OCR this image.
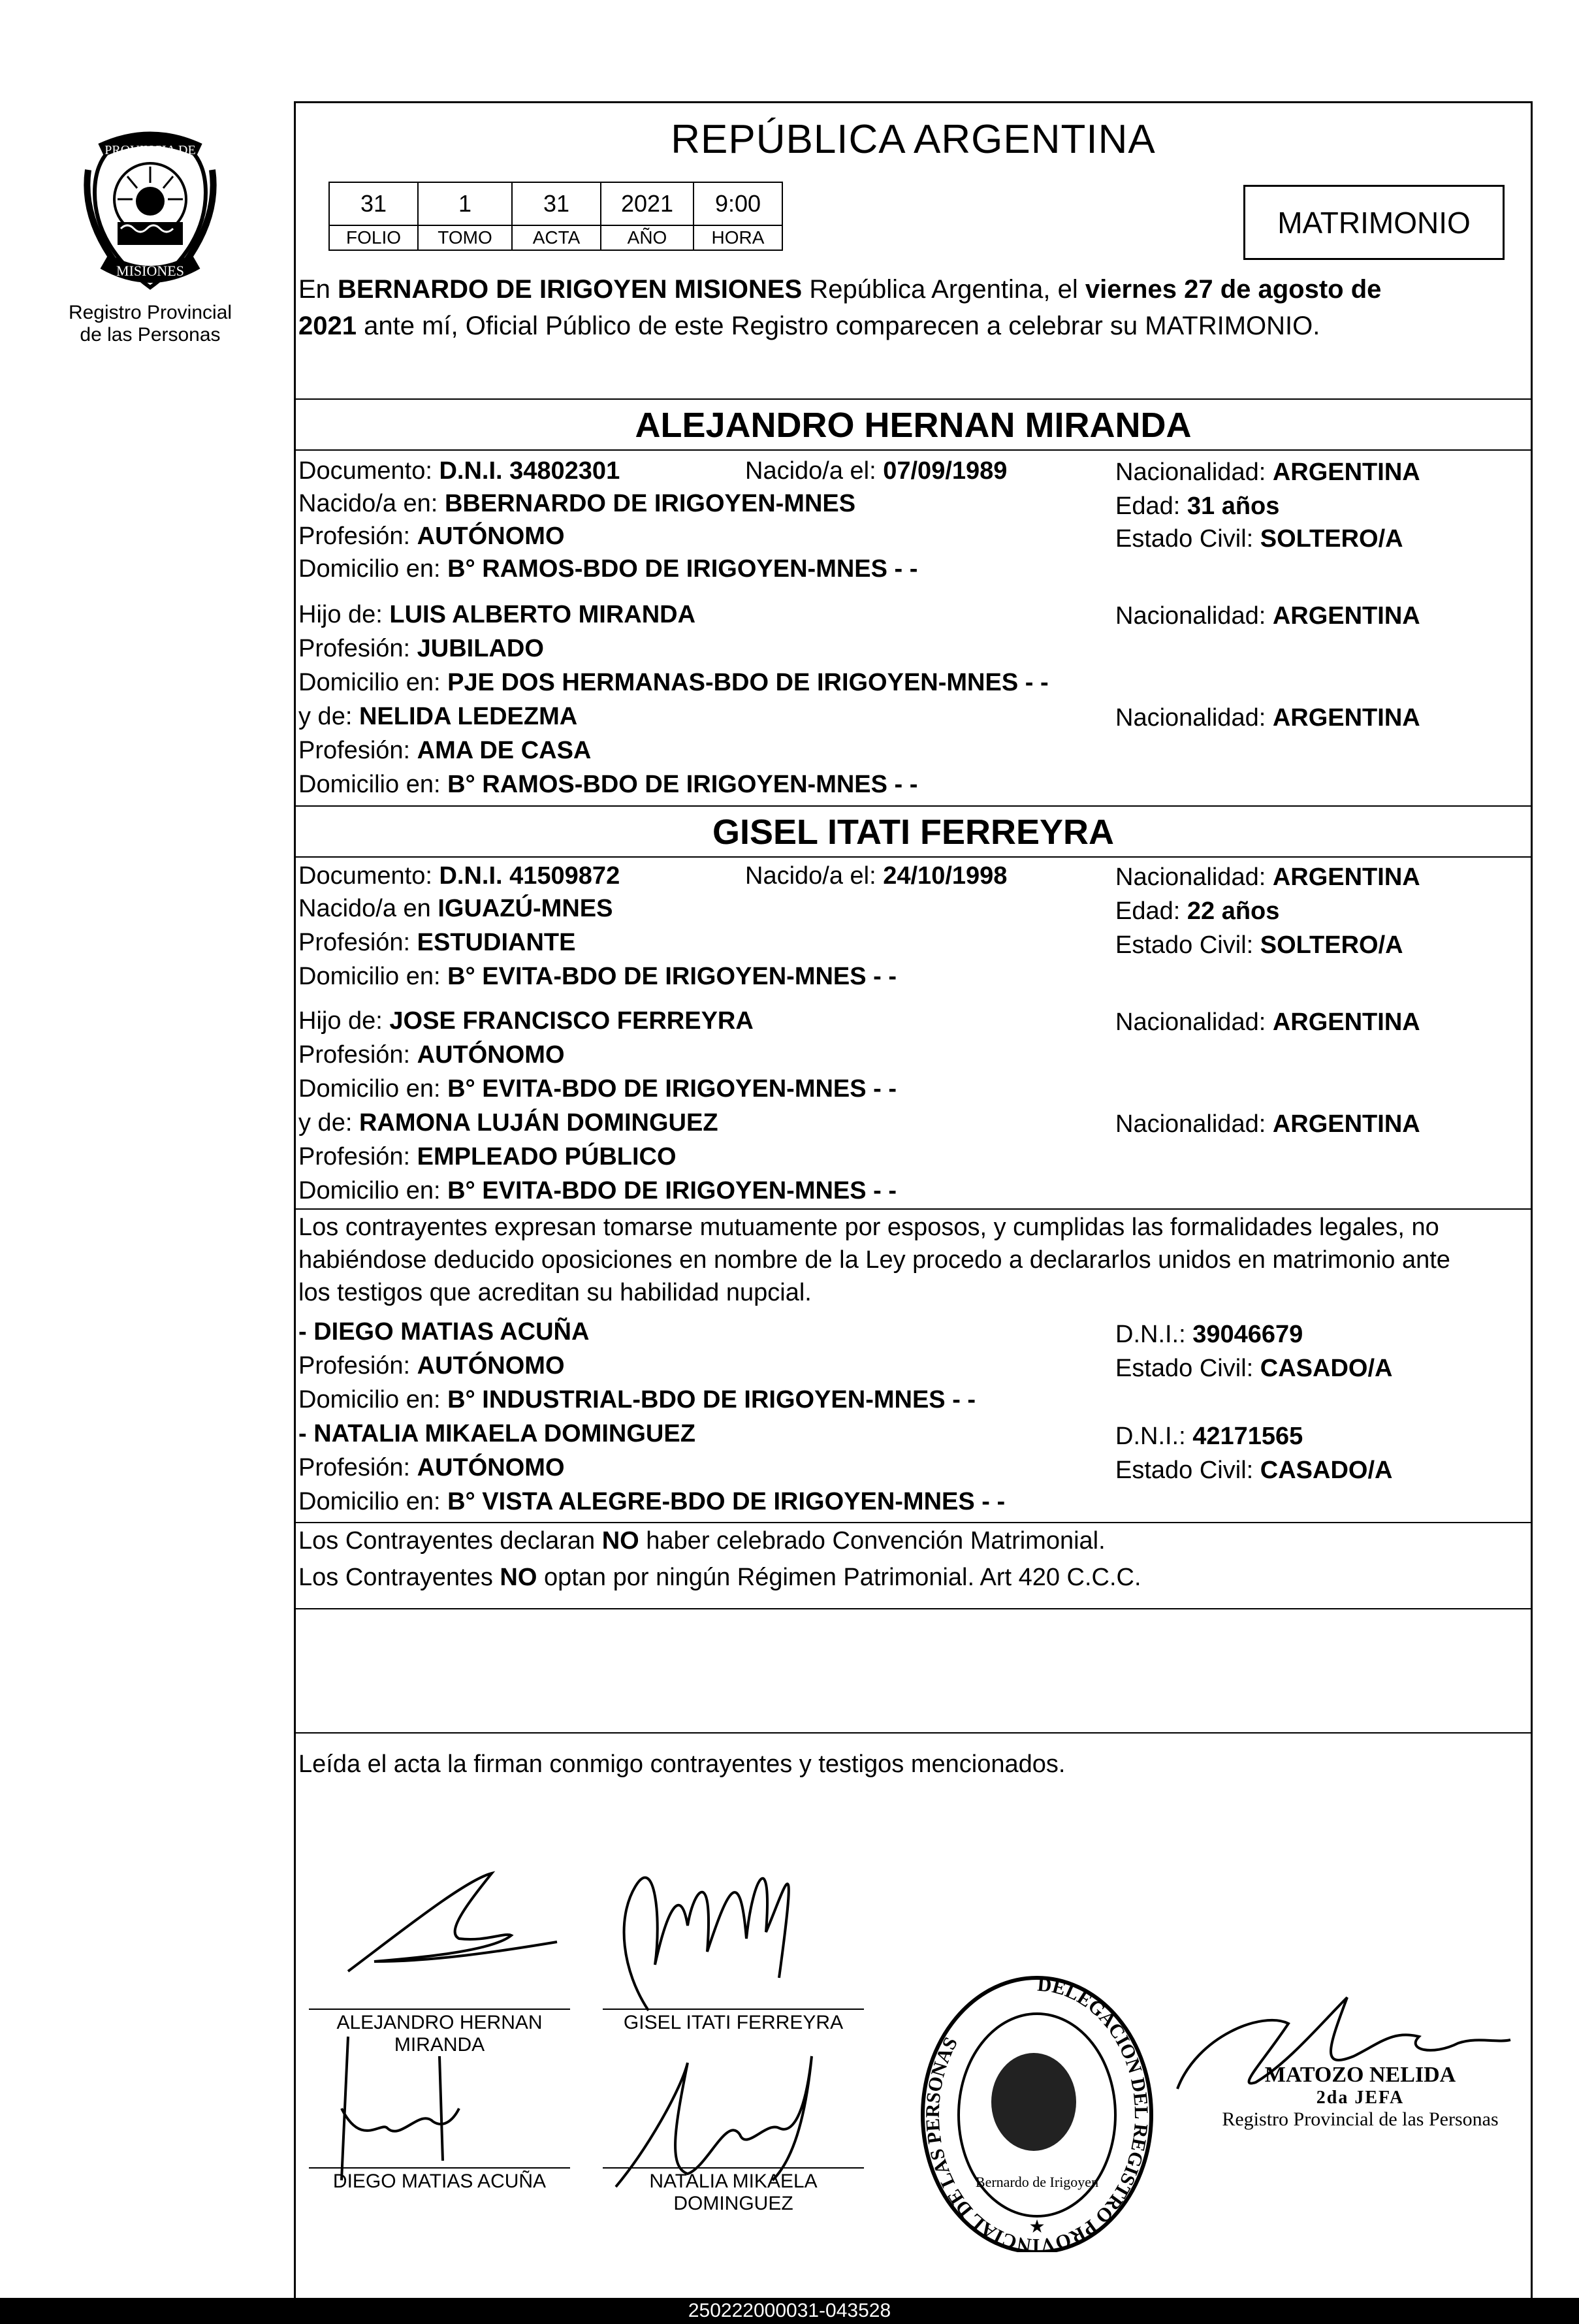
PROVINCIA DE
MISIONES
Registro Provincial
de las Personas
REPÚBLICA ARGENTINA
31	1	31	2021	9:00
FOLIO	TOMO	ACTA	AÑO	HORA	MATRIMONIO
En BERNARDO DE IRIGOYEN MISIONES República Argentina, el viernes 27 de agosto de
2021 ante mí, Oficial Público de este Registro comparecen a celebrar su MATRIMONIO.
ALEJANDRO HERNAN MIRANDA
Documento: D.N.I. 34802301	Nacido/a el: 07/09/1989	Nacionalidad: ARGENTINA
Nacido/a en: BBERNARDO DE IRIGOYEN-MNES	Edad: 31 años
Profesión: AUTÓNOMO	Estado Civil: SOLTERO/A
Domicilio en: B° RAMOS-BDO DE IRIGOYEN-MNES - -
Hijo de: LUIS ALBERTO MIRANDA	Nacionalidad: ARGENTINA
Profesión: JUBILADO
Domicilio en: PJE DOS HERMANAS-BDO DE IRIGOYEN-MNES - -
y de: NELIDA LEDEZMA	Nacionalidad: ARGENTINA
Profesión: AMA DE CASA
Domicilio en: B° RAMOS-BDO DE IRIGOYEN-MNES - -
GISEL ITATI FERREYRA
Documento: D.N.I. 41509872	Nacido/a el: 24/10/1998	Nacionalidad: ARGENTINA
Nacido/a en IGUAZÚ-MNES	Edad: 22 años
Profesión: ESTUDIANTE	Estado Civil: SOLTERO/A
Domicilio en: B° EVITA-BDO DE IRIGOYEN-MNES - -
Hijo de: JOSE FRANCISCO FERREYRA	Nacionalidad: ARGENTINA
Profesión: AUTÓNOMO
Domicilio en: B° EVITA-BDO DE IRIGOYEN-MNES - -
y de: RAMONA LUJÁN DOMINGUEZ	Nacionalidad: ARGENTINA
Profesión: EMPLEADO PÚBLICO
Domicilio en: B° EVITA-BDO DE IRIGOYEN-MNES - -
Los contrayentes expresan tomarse mutuamente por esposos, y cumplidas las formalidades legales, no
habiéndose deducido oposiciones en nombre de la Ley procedo a declararlos unidos en matrimonio ante
los testigos que acreditan su habilidad nupcial.
- DIEGO MATIAS ACUÑA	D.N.I.: 39046679
Profesión: AUTÓNOMO	Estado Civil: CASADO/A
Domicilio en: B° INDUSTRIAL-BDO DE IRIGOYEN-MNES - -
- NATALIA MIKAELA DOMINGUEZ	D.N.I.: 42171565
Profesión: AUTÓNOMO	Estado Civil: CASADO/A
Domicilio en: B° VISTA ALEGRE-BDO DE IRIGOYEN-MNES - -
Los Contrayentes declaran NO haber celebrado Convención Matrimonial.
Los Contrayentes NO optan por ningún Régimen Patrimonial. Art 420 C.C.C.
Leída el acta la firman conmigo contrayentes y testigos mencionados.
ALEJANDRO HERNAN
MIRANDA
GISEL ITATI FERREYRA
DIEGO MATIAS ACUÑA	NATALIA MIKAELA
DOMINGUEZ
DELEGACION DEL REGISTRO PROVINCIAL DE LAS PERSONAS
Bernardo de Irigoyen
★
MATOZO NELIDA
2da JEFA
Registro Provincial de las Personas
250222000031-043528
